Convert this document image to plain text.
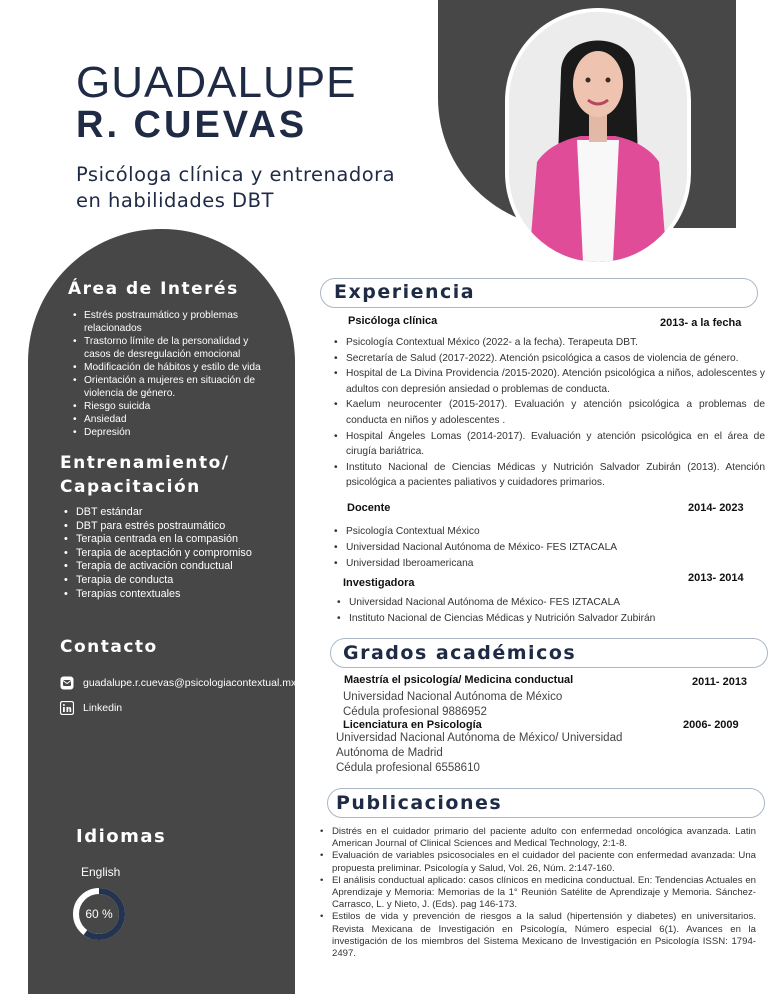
GUADALUPE
R. CUEVAS
Psicóloga clínica y entrenadora
en habilidades DBT
Área de Interés
• Estrés postraumático y problemas relacionados
• Trastorno límite de la personalidad y casos de desregulación emocional
• Modificación de hábitos y estilo de vida
• Orientación a mujeres en situación de violencia de género.
• Riesgo suicida
• Ansiedad
• Depresión
Entrenamiento/
Capacitación
• DBT estándar
• DBT para estrés postraumático
• Terapia centrada en la compasión
• Terapia de aceptación y compromiso
• Terapia de activación conductual
• Terapia de conducta
• Terapias contextuales
Contacto
guadalupe.r.cuevas@psicologiacontextual.mx
Linkedin
Idiomas
English
60 %
Experiencia
Psicóloga clínica	2013- a la fecha
• Psicología Contextual México (2022- a la fecha). Terapeuta DBT.
• Secretaría de Salud (2017-2022). Atención psicológica a casos de violencia de género.
• Hospital de La Divina Providencia /2015-2020). Atención psicológica a niños, adolescentes y adultos con depresión ansiedad o problemas de conducta.
• Kaelum neurocenter (2015-2017). Evaluación y atención psicológica a problemas de conducta en niños y adolescentes .
• Hospital Ángeles Lomas (2014-2017). Evaluación y atención psicológica en el área de cirugía bariátrica.
• Instituto Nacional de Ciencias Médicas y Nutrición Salvador Zubirán (2013). Atención psicológica a pacientes paliativos y cuidadores primarios.
Docente	2014- 2023
• Psicología Contextual México
• Universidad Nacional Autónoma de México- FES IZTACALA
• Universidad Iberoamericana
Investigadora	2013- 2014
• Universidad Nacional Autónoma de México- FES IZTACALA
• Instituto Nacional de Ciencias Médicas y Nutrición Salvador Zubirán
Grados académicos
Maestría el psicología/ Medicina conductual	2011- 2013
Universidad Nacional Autónoma de México
Cédula profesional 9886952
Licenciatura en Psicología	2006- 2009
Universidad Nacional Autónoma de México/ Universidad
Autónoma de Madrid
Cédula profesional 6558610
Publicaciones
• Distrés en el cuidador primario del paciente adulto con enfermedad oncológica avanzada. Latin American Journal of Clinical Sciences and Medical Technology, 2:1-8.
• Evaluación de variables psicosociales en el cuidador del paciente con enfermedad avanzada: Una propuesta preliminar. Psicología y Salud, Vol. 26, Núm. 2:147-160.
• El análisis conductual aplicado: casos clínicos en medicina conductual. En: Tendencias Actuales en Aprendizaje y Memoria: Memorias de la 1° Reunión Satélite de Aprendizaje y Memoria. Sánchez-Carrasco, L. y Nieto, J. (Eds). pag 146-173.
• Estilos de vida y prevención de riesgos a la salud (hipertensión y diabetes) en universitarios. Revista Mexicana de Investigación en Psicología, Número especial 6(1). Avances en la investigación de los miembros del Sistema Mexicano de Investigación en Psicología ISSN: 1794-2497.
